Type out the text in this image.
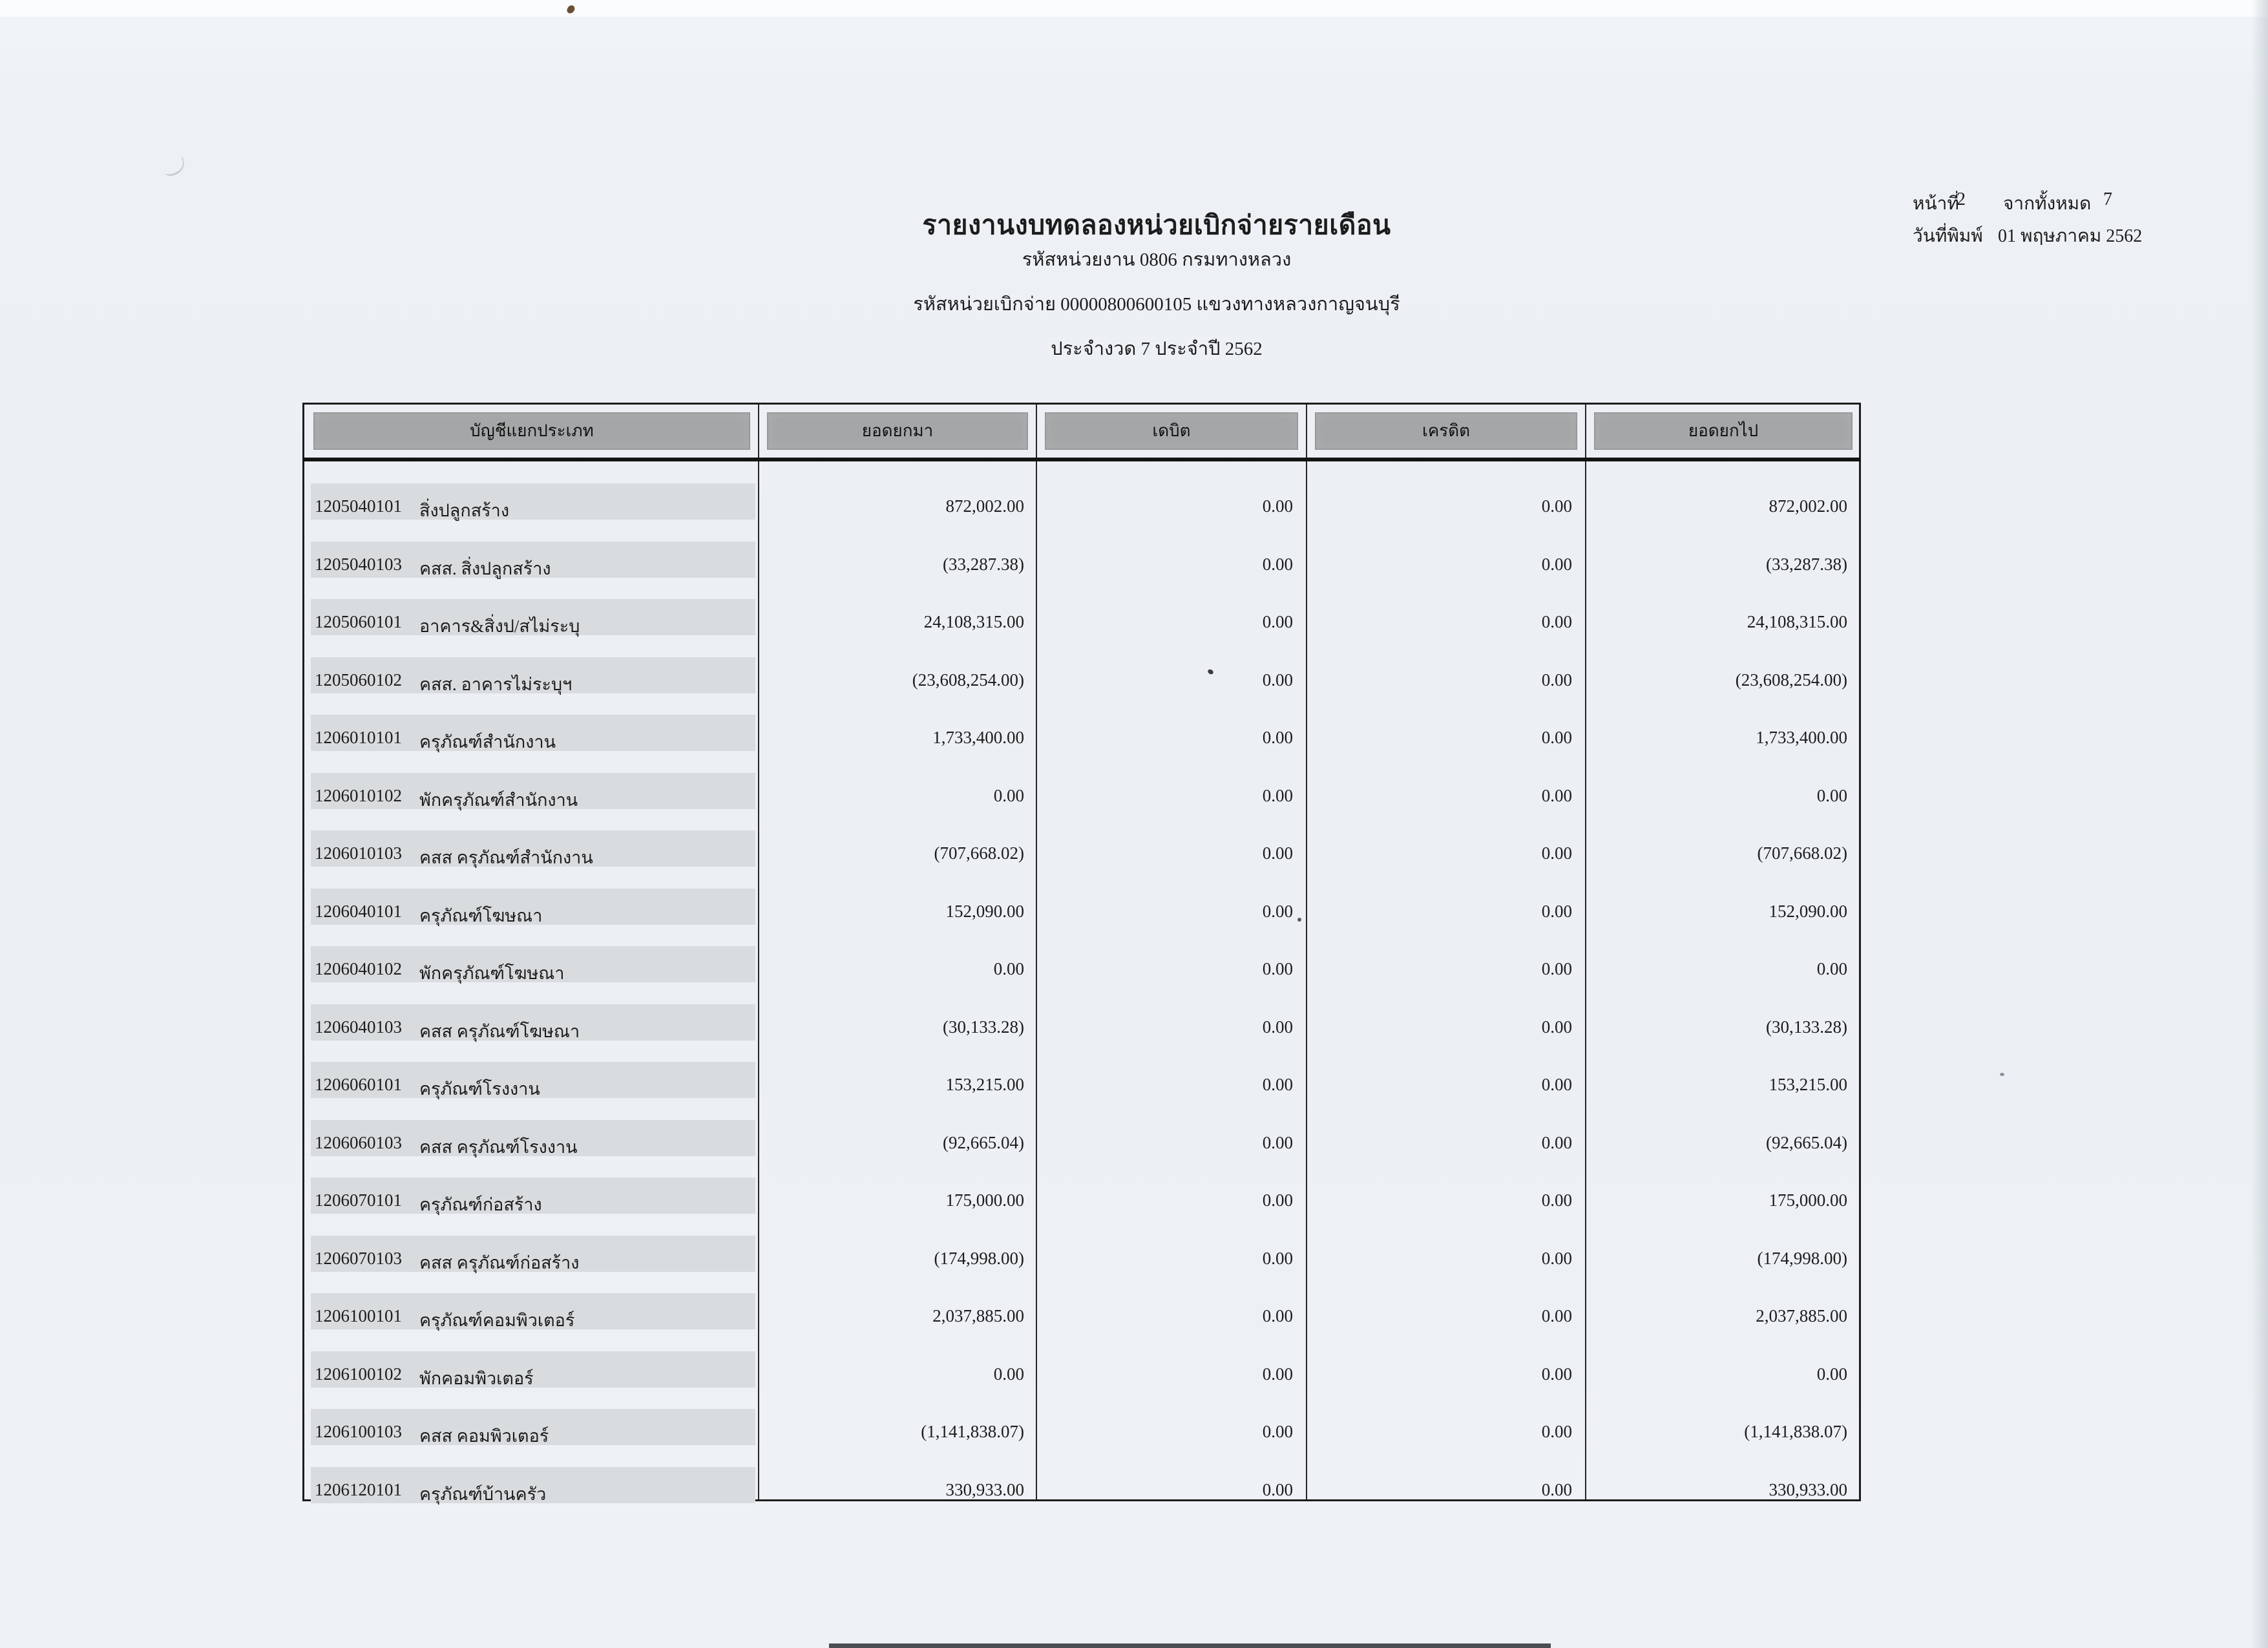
รายงานงบทดลองหน่วยเบิกจ่ายรายเดือน
รหัสหน่วยงาน 0806 กรมทางหลวง
รหัสหน่วยเบิกจ่าย 00000800600105 แขวงทางหลวงกาญจนบุรี
ประจำงวด 7 ประจำปี 2562
หน้าที่
2 จากทั้งหมด 7
วันที่พิมพ์ 01 พฤษภาคม 2562
บัญชีแยกประเภท	ยอดยกมา	เดบิต	เครดิต	ยอดยกไป
1205040101 สิ่งปลูกสร้าง	872,002.00	0.00	0.00	872,002.00
1205040103 คสส. สิ่งปลูกสร้าง	(33,287.38)	0.00	0.00	(33,287.38)
1205060101 อาคาร&สิ่งป/สไม่ระบุ	24,108,315.00	0.00	0.00	24,108,315.00
1205060102 คสส. อาคารไม่ระบุฯ	(23,608,254.00)	0.00	0.00	(23,608,254.00)
1206010101 ครุภัณฑ์สำนักงาน	1,733,400.00	0.00	0.00	1,733,400.00
1206010102 พักครุภัณฑ์สำนักงาน	0.00	0.00	0.00	0.00
1206010103 คสส ครุภัณฑ์สำนักงาน	(707,668.02)	0.00	0.00	(707,668.02)
1206040101 ครุภัณฑ์โฆษณา	152,090.00	0.00	0.00	152,090.00
1206040102 พักครุภัณฑ์โฆษณา	0.00	0.00	0.00	0.00
1206040103 คสส ครุภัณฑ์โฆษณา	(30,133.28)	0.00	0.00	(30,133.28)
1206060101 ครุภัณฑ์โรงงาน	153,215.00	0.00	0.00	153,215.00
1206060103 คสส ครุภัณฑ์โรงงาน	(92,665.04)	0.00	0.00	(92,665.04)
1206070101 ครุภัณฑ์ก่อสร้าง	175,000.00	0.00	0.00	175,000.00
1206070103 คสส ครุภัณฑ์ก่อสร้าง	(174,998.00)	0.00	0.00	(174,998.00)
1206100101 ครุภัณฑ์คอมพิวเตอร์	2,037,885.00	0.00	0.00	2,037,885.00
1206100102 พักคอมพิวเตอร์	0.00	0.00	0.00	0.00
1206100103 คสส คอมพิวเตอร์	(1,141,838.07)	0.00	0.00	(1,141,838.07)
1206120101 ครุภัณฑ์บ้านครัว	330,933.00	0.00	0.00	330,933.00
